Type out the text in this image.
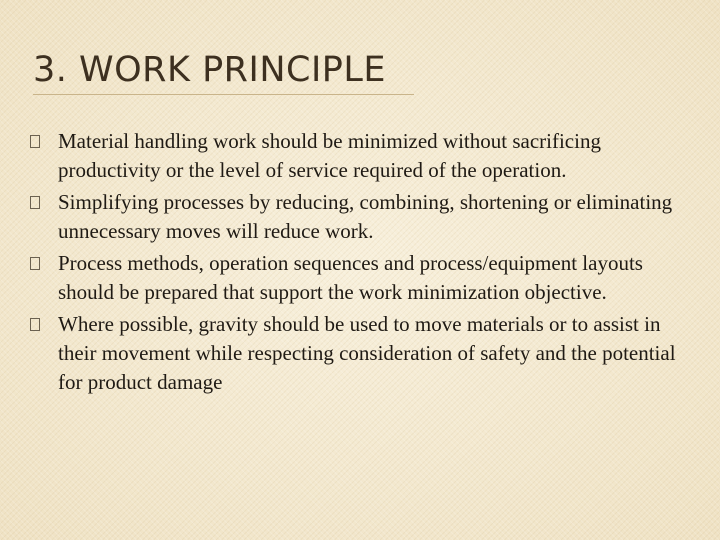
3. WORK PRINCIPLE
Material handling work should be minimized without sacrificing productivity or the level of service required of the operation.
Simplifying processes by reducing, combining, shortening or eliminating unnecessary moves will reduce work.
Process methods, operation sequences and process/equipment layouts should be prepared that support the work minimization objective.
Where possible, gravity should be used to move materials or to assist in their movement while respecting consideration of safety and the potential for product damage
